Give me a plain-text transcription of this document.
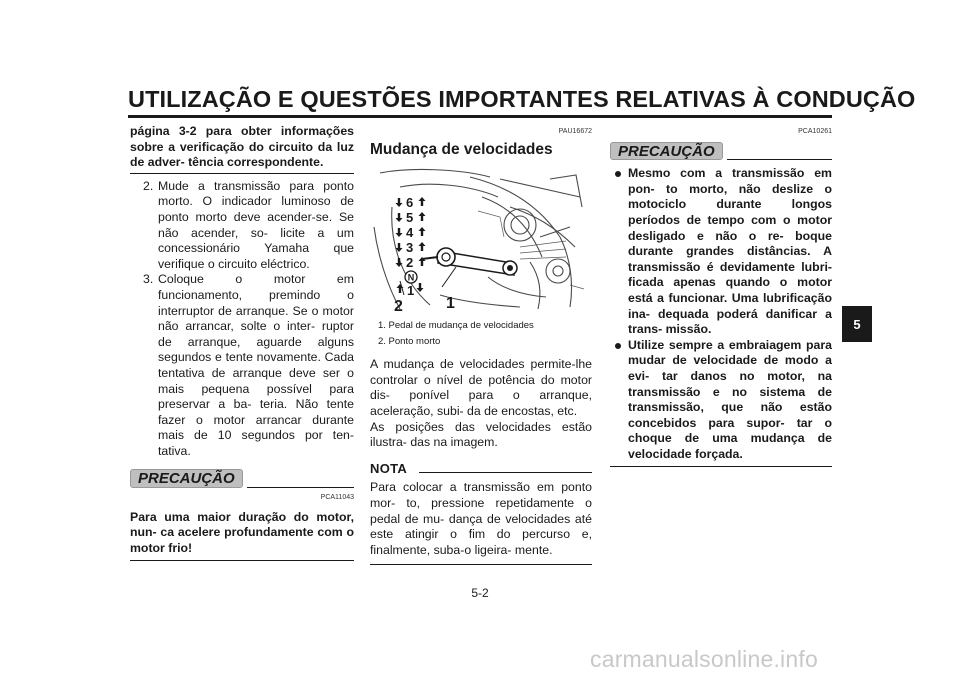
UTILIZAÇÃO E QUESTÕES IMPORTANTES RELATIVAS À CONDUÇÃO
página 3-2 para obter informações sobre a verificação do circuito da luz de adver- tência correspondente.
2. Mude a transmissão para ponto morto. O indicador luminoso de ponto morto deve acender-se. Se não acender, so- licite a um concessionário Yamaha que verifique o circuito eléctrico.
3. Coloque o motor em funcionamento, premindo o interruptor de arranque. Se o motor não arrancar, solte o inter- ruptor de arranque, aguarde alguns segundos e tente novamente. Cada tentativa de arranque deve ser o mais pequena possível para preservar a ba- teria. Não tente fazer o motor arrancar durante mais de 10 segundos por ten- tativa.
PRECAUÇÃO
PCA11043
Para uma maior duração do motor, nun- ca acelere profundamente com o motor frio!
PAU16672
Mudança de velocidades
6
5
4
3
2
1
N
1
2
1. Pedal de mudança de velocidades
2. Ponto morto
A mudança de velocidades permite-lhe controlar o nível de potência do motor dis- ponível para o arranque, aceleração, subi- da de encostas, etc.
As posições das velocidades estão ilustra- das na imagem.
NOTA
Para colocar a transmissão em ponto mor- to, pressione repetidamente o pedal de mu- dança de velocidades até este atingir o fim do percurso e, finalmente, suba-o ligeira- mente.
PCA10261
PRECAUÇÃO
Mesmo com a transmissão em pon- to morto, não deslize o motociclo durante longos períodos de tempo com o motor desligado e não o re- boque durante grandes distâncias. A transmissão é devidamente lubri- ficada apenas quando o motor está a funcionar. Uma lubrificação ina- dequada poderá danificar a trans- missão.
Utilize sempre a embraiagem para mudar de velocidade de modo a evi- tar danos no motor, na transmissão e no sistema de transmissão, que não estão concebidos para supor- tar o choque de uma mudança de velocidade forçada.
5
5-2
carmanualsonline.info
